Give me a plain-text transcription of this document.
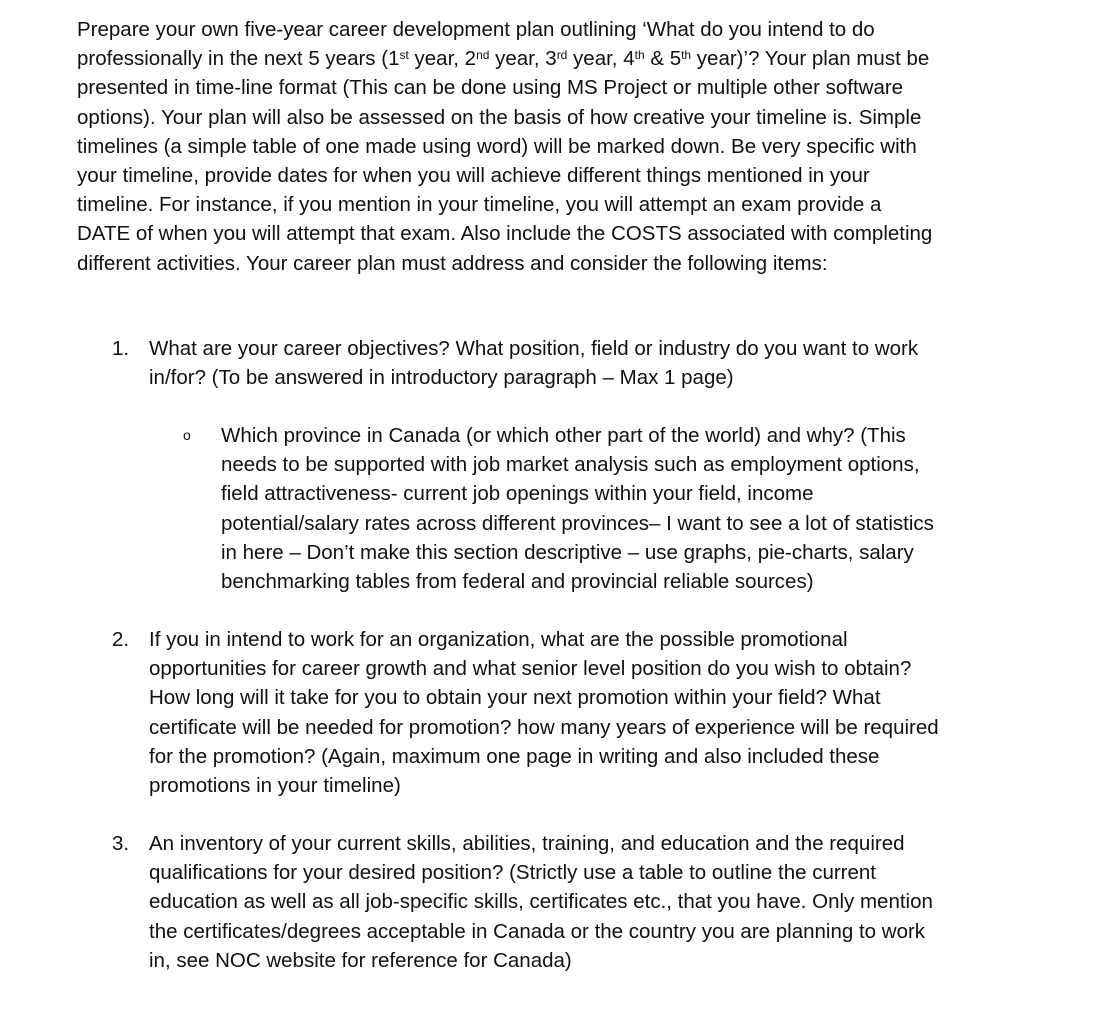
Prepare your own five-year career development plan outlining ‘What do you intend to do
professionally in the next 5 years (1st year, 2nd year, 3rd year, 4th & 5th year)’? Your plan must be
presented in time-line format (This can be done using MS Project or multiple other software
options). Your plan will also be assessed on the basis of how creative your timeline is. Simple
timelines (a simple table of one made using word) will be marked down. Be very specific with
your timeline, provide dates for when you will achieve different things mentioned in your
timeline. For instance, if you mention in your timeline, you will attempt an exam provide a
DATE of when you will attempt that exam. Also include the COSTS associated with completing
different activities. Your career plan must address and consider the following items:

1. What are your career objectives? What position, field or industry do you want to work
in/for? (To be answered in introductory paragraph – Max 1 page)
o Which province in Canada (or which other part of the world) and why? (This
needs to be supported with job market analysis such as employment options,
field attractiveness- current job openings within your field, income
potential/salary rates across different provinces– I want to see a lot of statistics
in here – Don’t make this section descriptive – use graphs, pie-charts, salary
benchmarking tables from federal and provincial reliable sources)
2. If you in intend to work for an organization, what are the possible promotional
opportunities for career growth and what senior level position do you wish to obtain?
How long will it take for you to obtain your next promotion within your field? What
certificate will be needed for promotion? how many years of experience will be required
for the promotion? (Again, maximum one page in writing and also included these
promotions in your timeline)
3. An inventory of your current skills, abilities, training, and education and the required
qualifications for your desired position? (Strictly use a table to outline the current
education as well as all job-specific skills, certificates etc., that you have. Only mention
the certificates/degrees acceptable in Canada or the country you are planning to work
in, see NOC website for reference for Canada)
